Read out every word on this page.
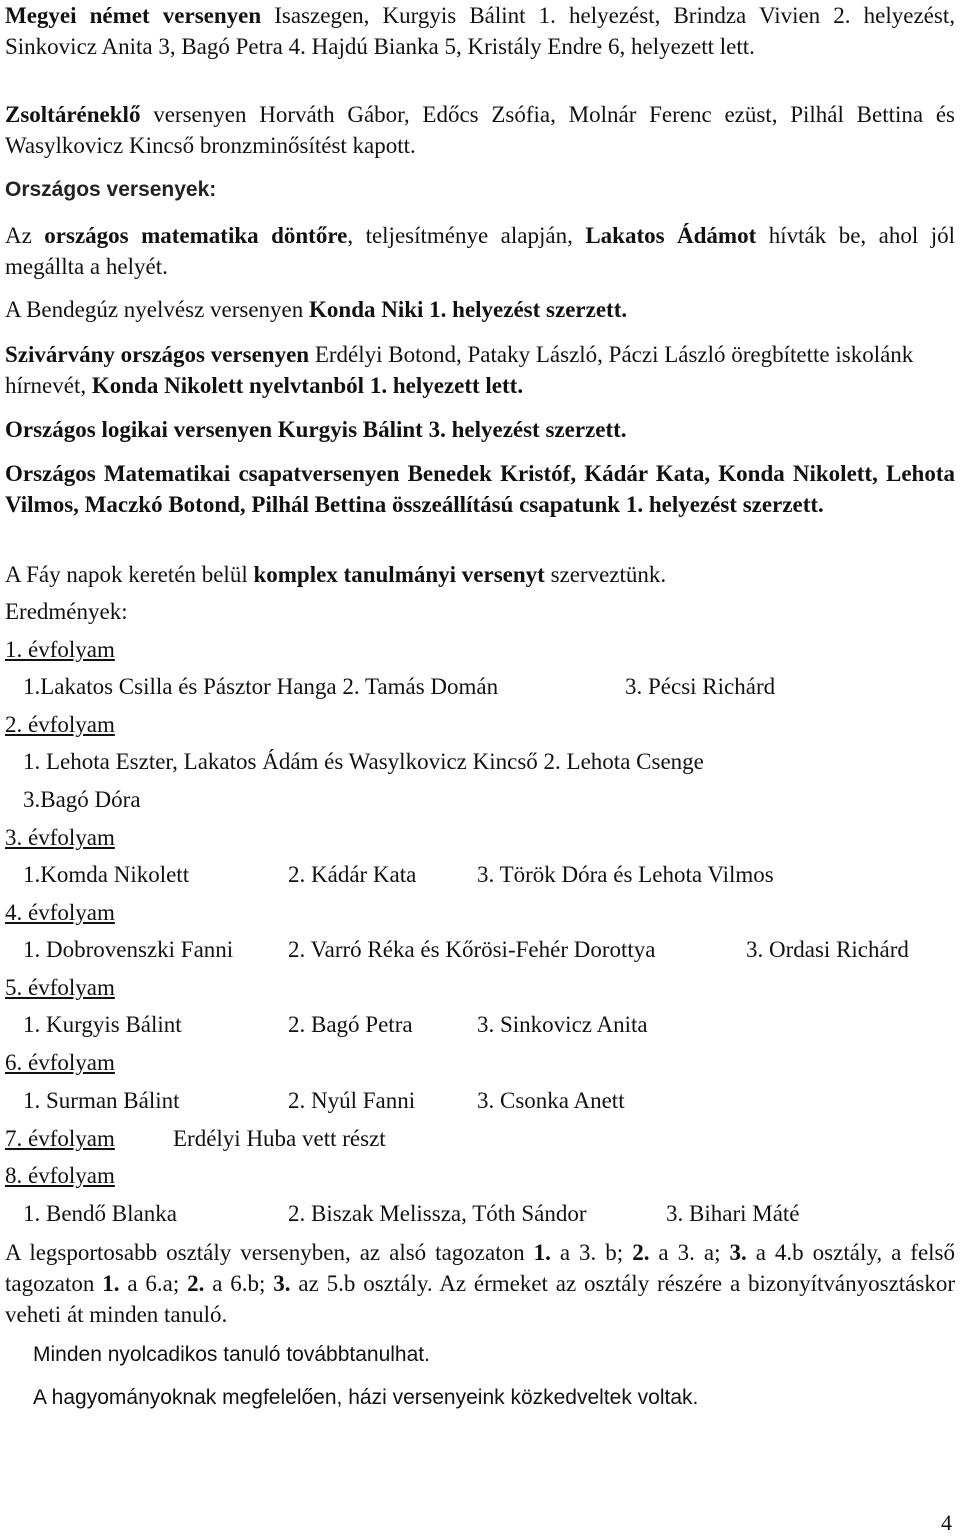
Megyei német versenyen Isaszegen, Kurgyis Bálint 1. helyezést, Brindza Vivien 2. helyezést, Sinkovicz Anita 3, Bagó Petra 4. Hajdú Bianka 5, Kristály Endre 6, helyezett lett.

Zsoltáréneklő versenyen Horváth Gábor, Edőcs Zsófia, Molnár Ferenc ezüst, Pilhál Bettina és Wasylkovicz Kincső bronzminősítést kapott.

Országos versenyek:

Az országos matematika döntőre, teljesítménye alapján, Lakatos Ádámot hívták be, ahol jól megállta a helyét.

A Bendegúz nyelvész versenyen Konda Niki 1. helyezést szerzett.

Szivárvány országos versenyen Erdélyi Botond, Pataky László, Páczi László öregbítette iskolánk hírnevét, Konda Nikolett nyelvtanból 1. helyezett lett.

Országos logikai versenyen Kurgyis Bálint 3. helyezést szerzett.

Országos Matematikai csapatversenyen Benedek Kristóf, Kádár Kata, Konda Nikolett, Lehota Vilmos, Maczkó Botond, Pilhál Bettina összeállítású csapatunk 1. helyezést szerzett.

A Fáy napok keretén belül komplex tanulmányi versenyt szerveztünk.

Eredmények:

1. évfolyam
1.Lakatos Csilla és Pásztor Hanga 2. Tamás Domán	3. Pécsi Richárd
2. évfolyam
1. Lehota Eszter, Lakatos Ádám és Wasylkovicz Kincső 2. Lehota Csenge
3.Bagó Dóra
3. évfolyam
1.Komda Nikolett	2. Kádár Kata	3. Török Dóra és Lehota Vilmos
4. évfolyam
1. Dobrovenszki Fanni 2. Varró Réka és Kőrösi-Fehér Dorottya	3. Ordasi Richárd
5. évfolyam
1. Kurgyis Bálint	2. Bagó Petra	3. Sinkovicz Anita
6. évfolyam
1. Surman Bálint	2. Nyúl Fanni	3. Csonka Anett
7. évfolyam	Erdélyi Huba vett részt
8. évfolyam
1. Bendő Blanka	2. Biszak Melissza, Tóth Sándor	3. Bihari Máté

A legsportosabb osztály versenyben, az alsó tagozaton 1. a 3. b; 2. a 3. a; 3. a 4.b osztály, a felső tagozaton 1. a 6.a; 2. a 6.b; 3. az 5.b osztály. Az érmeket az osztály részére a bizonyítványosztáskor veheti át minden tanuló.

Minden nyolcadikos tanuló továbbtanulhat.

A hagyományoknak megfelelően, házi versenyeink közkedveltek voltak.

4
